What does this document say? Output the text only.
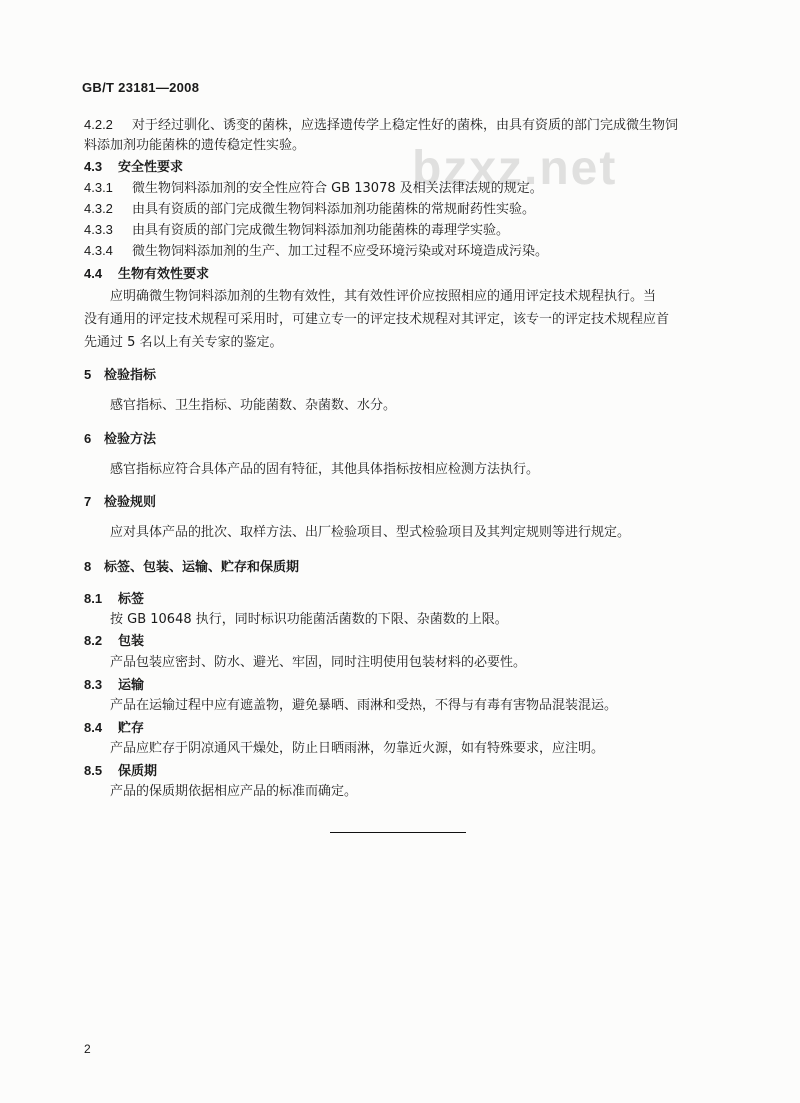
GB/T 23181—2008
bzxz.net
4.2.2 对于经过驯化、诱变的菌株，应选择遗传学上稳定性好的菌株，由具有资质的部门完成微生物饲
料添加剂功能菌株的遗传稳定性实验。
4.3 安全性要求
4.3.1 微生物饲料添加剂的安全性应符合 GB 13078 及相关法律法规的规定。
4.3.2 由具有资质的部门完成微生物饲料添加剂功能菌株的常规耐药性实验。
4.3.3 由具有资质的部门完成微生物饲料添加剂功能菌株的毒理学实验。
4.3.4 微生物饲料添加剂的生产、加工过程不应受环境污染或对环境造成污染。
4.4 生物有效性要求
应明确微生物饲料添加剂的生物有效性，其有效性评价应按照相应的通用评定技术规程执行。当
没有通用的评定技术规程可采用时，可建立专一的评定技术规程对其评定，该专一的评定技术规程应首
先通过 5 名以上有关专家的鉴定。
5 检验指标
感官指标、卫生指标、功能菌数、杂菌数、水分。
6 检验方法
感官指标应符合具体产品的固有特征，其他具体指标按相应检测方法执行。
7 检验规则
应对具体产品的批次、取样方法、出厂检验项目、型式检验项目及其判定规则等进行规定。
8 标签、包装、运输、贮存和保质期
8.1 标签
按 GB 10648 执行，同时标识功能菌活菌数的下限、杂菌数的上限。
8.2 包装
产品包装应密封、防水、避光、牢固，同时注明使用包装材料的必要性。
8.3 运输
产品在运输过程中应有遮盖物，避免暴晒、雨淋和受热，不得与有毒有害物品混装混运。
8.4 贮存
产品应贮存于阴凉通风干燥处，防止日晒雨淋，勿靠近火源，如有特殊要求，应注明。
8.5 保质期
产品的保质期依据相应产品的标准而确定。
2
